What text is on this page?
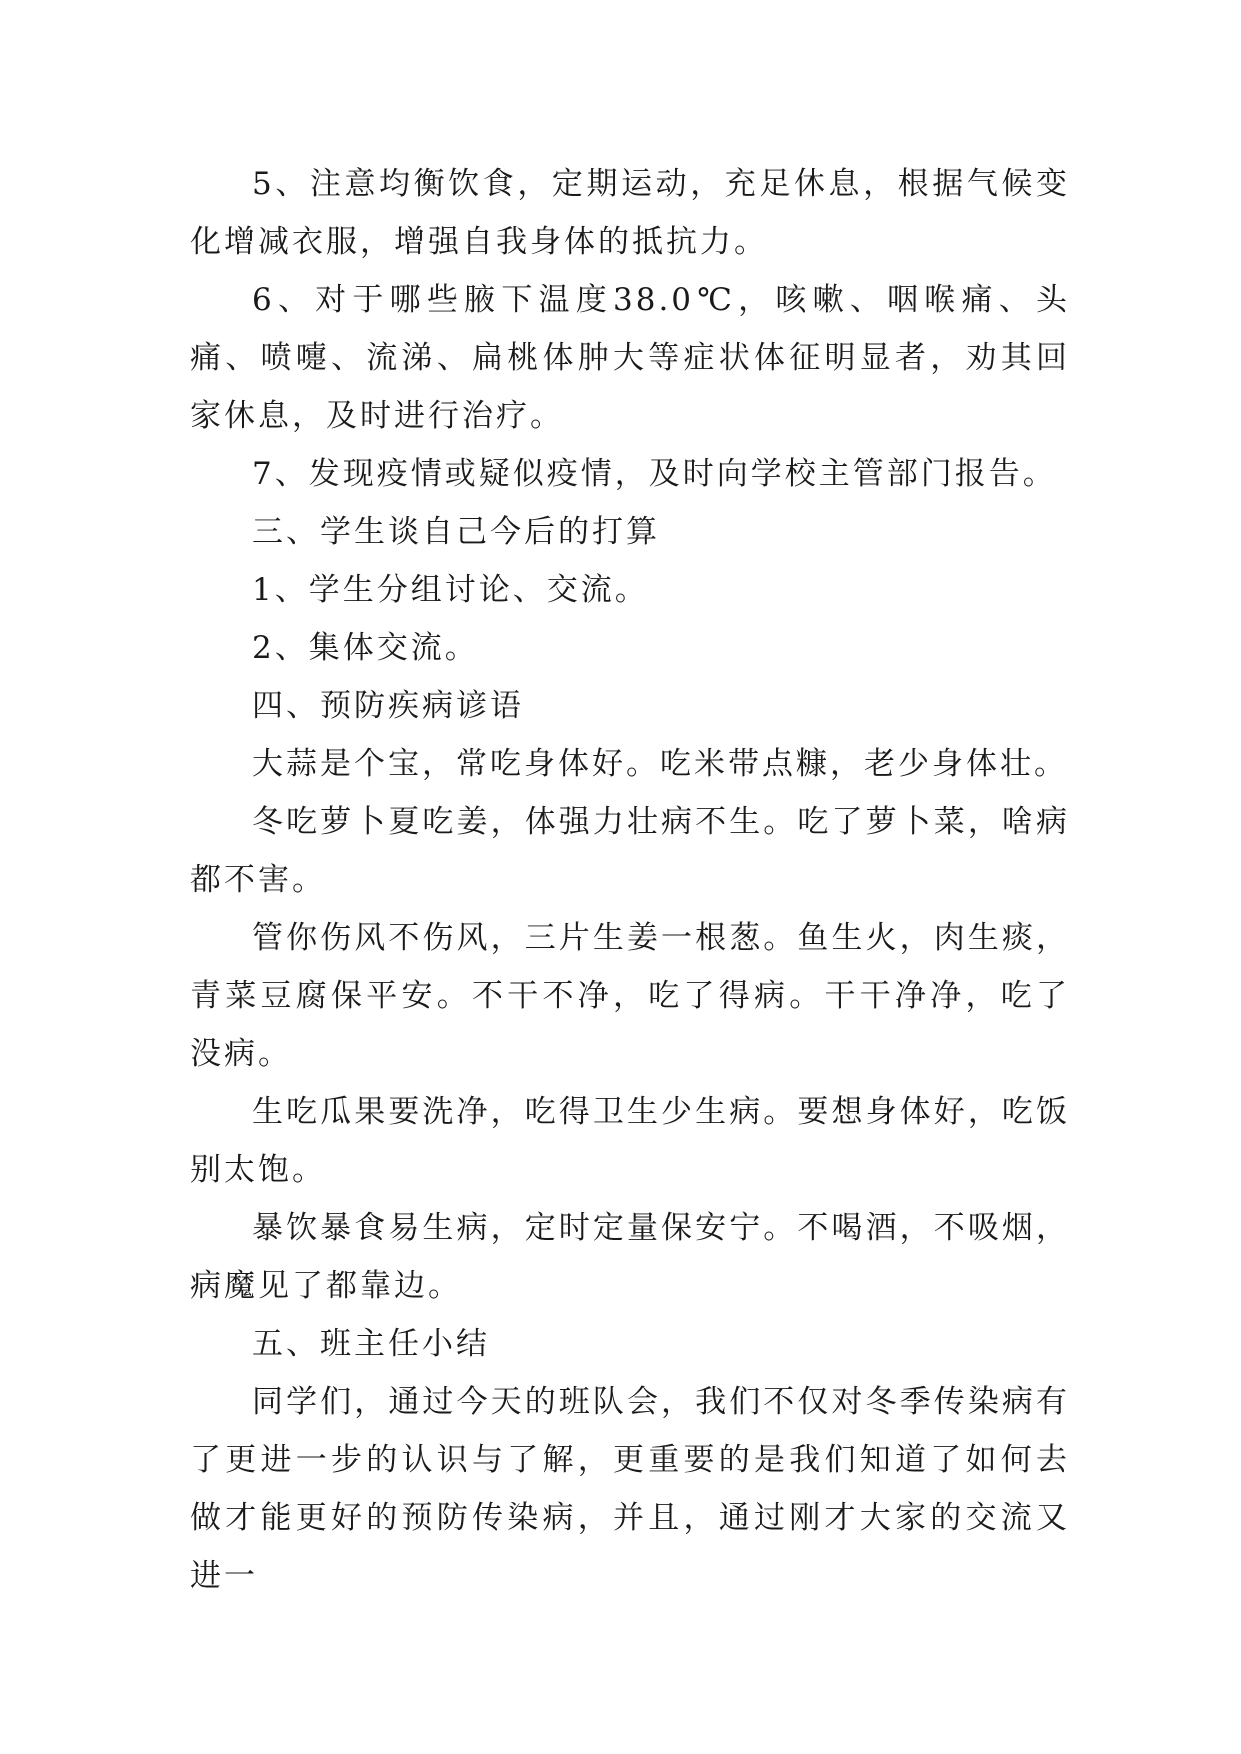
5、注意均衡饮食，定期运动，充足休息，根据气候变化增减衣服，增强自我身体的抵抗力。

6、对于哪些腋下温度38.0℃，咳嗽、咽喉痛、头痛、喷嚏、流涕、扁桃体肿大等症状体征明显者，劝其回家休息，及时进行治疗。

7、发现疫情或疑似疫情，及时向学校主管部门报告。

三、学生谈自己今后的打算

1、学生分组讨论、交流。

2、集体交流。

四、预防疾病谚语

大蒜是个宝，常吃身体好。吃米带点糠，老少身体壮。

冬吃萝卜夏吃姜，体强力壮病不生。吃了萝卜菜，啥病都不害。

管你伤风不伤风，三片生姜一根葱。鱼生火，肉生痰，青菜豆腐保平安。不干不净，吃了得病。干干净净，吃了没病。

生吃瓜果要洗净，吃得卫生少生病。要想身体好，吃饭别太饱。

暴饮暴食易生病，定时定量保安宁。不喝酒，不吸烟，病魔见了都靠边。

五、班主任小结

同学们，通过今天的班队会，我们不仅对冬季传染病有了更进一步的认识与了解，更重要的是我们知道了如何去做才能更好的预防传染病，并且，通过刚才大家的交流又进一
